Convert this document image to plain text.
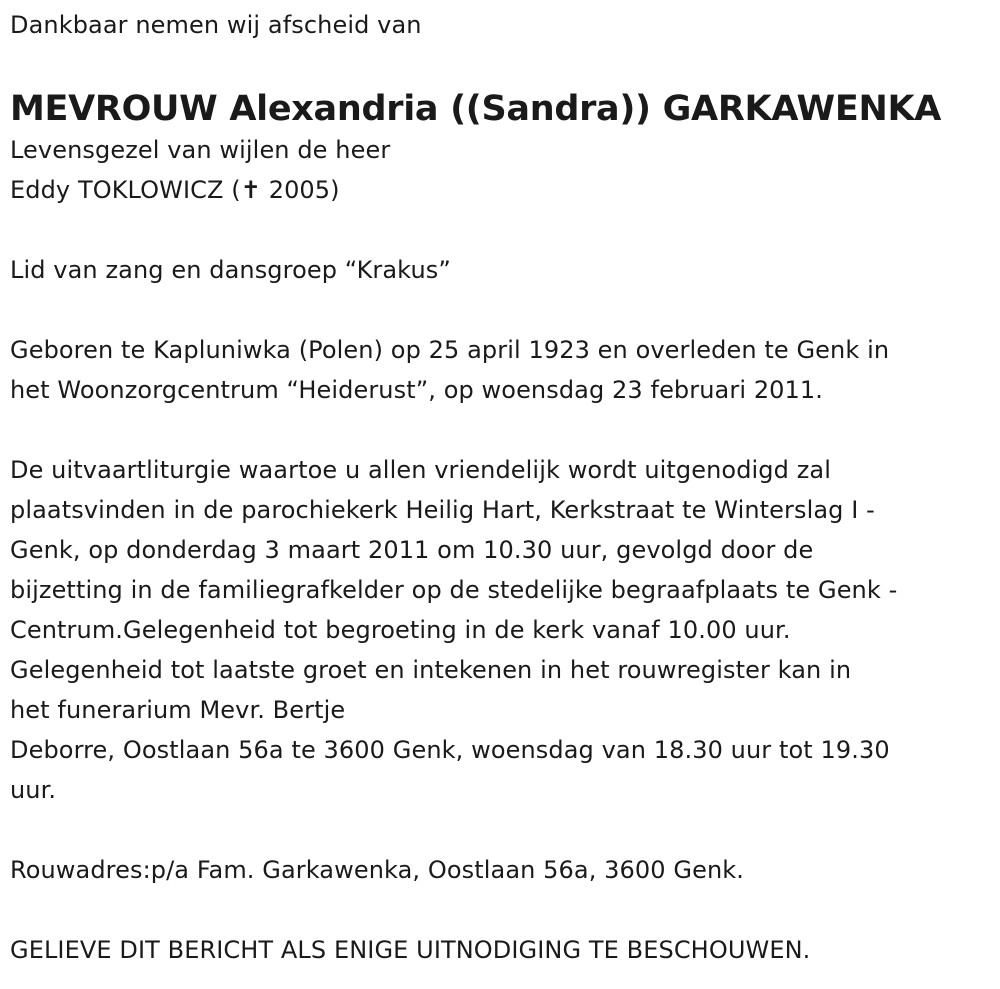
Dankbaar nemen wij afscheid van
MEVROUW Alexandria ((Sandra)) GARKAWENKA
Levensgezel van wijlen de heer
Eddy TOKLOWICZ (✝ 2005)
Lid van zang en dansgroep “Krakus”
Geboren te Kapluniwka (Polen) op 25 april 1923 en overleden te Genk in
het Woonzorgcentrum “Heiderust”, op woensdag 23 februari 2011.
De uitvaartliturgie waartoe u allen vriendelijk wordt uitgenodigd zal
plaatsvinden in de parochiekerk Heilig Hart, Kerkstraat te Winterslag I -
Genk, op donderdag 3 maart 2011 om 10.30 uur, gevolgd door de
bijzetting in de familiegrafkelder op de stedelijke begraafplaats te Genk -
Centrum.Gelegenheid tot begroeting in de kerk vanaf 10.00 uur.
Gelegenheid tot laatste groet en intekenen in het rouwregister kan in
het funerarium Mevr. Bertje
Deborre, Oostlaan 56a te 3600 Genk, woensdag van 18.30 uur tot 19.30
uur.
Rouwadres:p/a Fam. Garkawenka, Oostlaan 56a, 3600 Genk.
GELIEVE DIT BERICHT ALS ENIGE UITNODIGING TE BESCHOUWEN.
